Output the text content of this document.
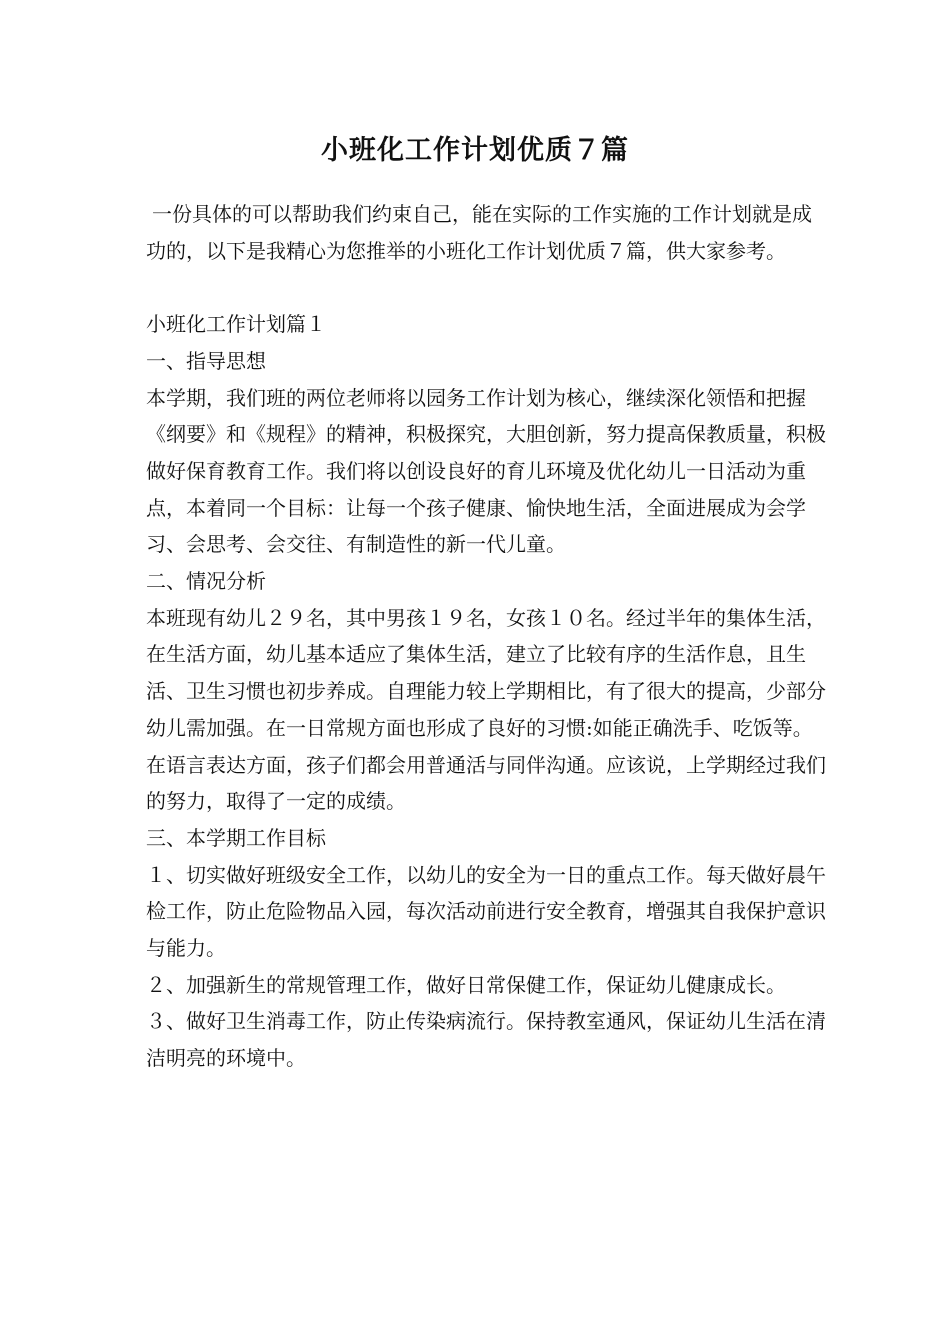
小班化工作计划优质７篇

一份具体的可以帮助我们约束自己，能在实际的工作实施的工作计划就是成功的，以下是我精心为您推举的小班化工作计划优质７篇，供大家参考。

小班化工作计划篇１

一、指导思想

本学期，我们班的两位老师将以园务工作计划为核心，继续深化领悟和把握《纲要》和《规程》的精神，积极探究，大胆创新，努力提高保教质量，积极做好保育教育工作。我们将以创设良好的育儿环境及优化幼儿一日活动为重点，本着同一个目标：让每一个孩子健康、愉快地生活，全面进展成为会学习、会思考、会交往、有制造性的新一代儿童。

二、情况分析

本班现有幼儿２９名，其中男孩１９名，女孩１０名。经过半年的集体生活，在生活方面，幼儿基本适应了集体生活，建立了比较有序的生活作息，且生活、卫生习惯也初步养成。自理能力较上学期相比，有了很大的提高，少部分幼儿需加强。在一日常规方面也形成了良好的习惯:如能正确洗手、吃饭等。在语言表达方面，孩子们都会用普通活与同伴沟通。应该说，上学期经过我们的努力，取得了一定的成绩。

三、本学期工作目标

１、切实做好班级安全工作，以幼儿的安全为一日的重点工作。每天做好晨午检工作，防止危险物品入园，每次活动前进行安全教育，增强其自我保护意识与能力。

２、加强新生的常规管理工作，做好日常保健工作，保证幼儿健康成长。

３、做好卫生消毒工作，防止传染病流行。保持教室通风，保证幼儿生活在清洁明亮的环境中。
